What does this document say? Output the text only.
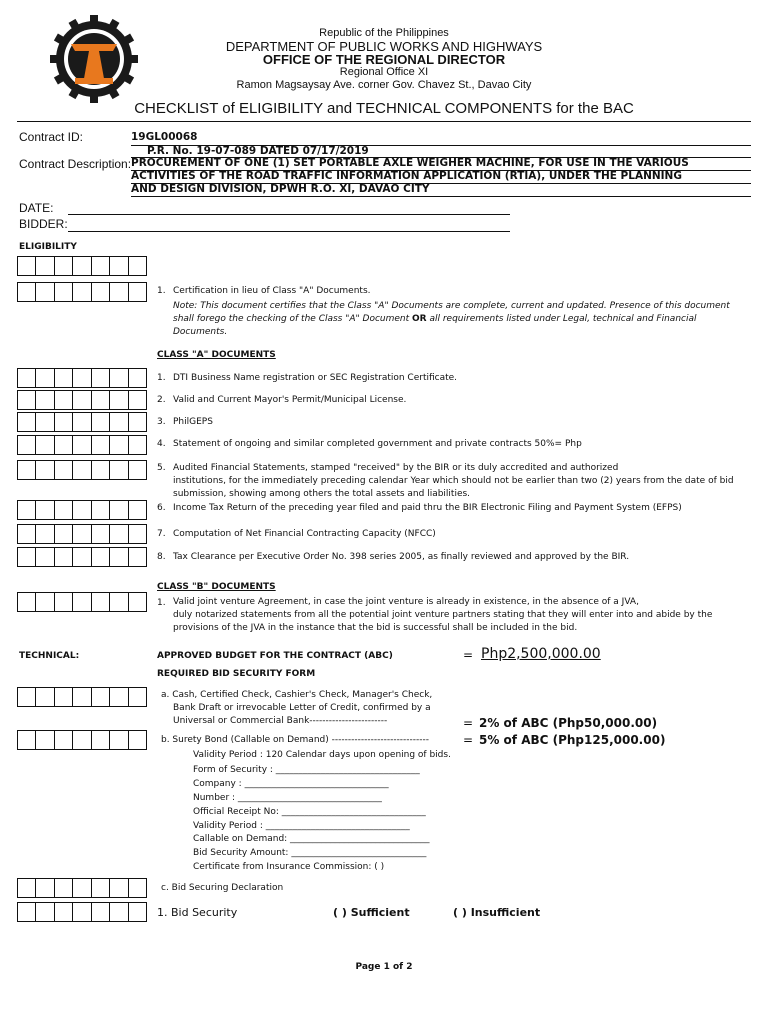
Republic of the Philippines
DEPARTMENT OF PUBLIC WORKS AND HIGHWAYS
OFFICE OF THE REGIONAL DIRECTOR
Regional Office XI
Ramon Magsaysay Ave. corner Gov. Chavez St., Davao City
CHECKLIST of ELIGIBILITY and TECHNICAL COMPONENTS for the BAC
Contract ID:	19GL00068
P.R. No. 19-07-089 DATED 07/17/2019
Contract Description: PROCUREMENT OF ONE (1) SET PORTABLE AXLE WEIGHER MACHINE, FOR USE IN THE VARIOUS
ACTIVITIES OF THE ROAD TRAFFIC INFORMATION APPLICATION (RTIA), UNDER THE PLANNING
AND DESIGN DIVISION, DPWH R.O. XI, DAVAO CITY
DATE:
BIDDER:
ELIGIBILITY
1. Certification in lieu of Class "A" Documents.
Note: This document certifies that the Class "A" Documents are complete, current and updated. Presence of this document shall forego the checking of the Class "A" Document OR all requirements listed under Legal, technical and Financial Documents.
CLASS "A" DOCUMENTS
1. DTI Business Name registration or SEC Registration Certificate.
2. Valid and Current Mayor's Permit/Municipal License.
3. PhilGEPS
4. Statement of ongoing and similar completed government and private contracts 50%= Php
5. Audited Financial Statements, stamped "received" by the BIR or its duly accredited and authorized
institutions, for the immediately preceding calendar Year which should not be earlier than two (2) years from the date of bid
submission, showing among others the total assets and liabilities.
6. Income Tax Return of the preceding year filed and paid thru the BIR Electronic Filing and Payment System (EFPS)
7. Computation of Net Financial Contracting Capacity (NFCC)
8. Tax Clearance per Executive Order No. 398 series 2005, as finally reviewed and approved by the BIR.
CLASS "B" DOCUMENTS
1. Valid joint venture Agreement, in case the joint venture is already in existence, in the absence of a JVA,
duly notarized statements from all the potential joint venture partners stating that they will enter into and abide by the
provisions of the JVA in the instance that the bid is successful shall be included in the bid.
TECHNICAL:	APPROVED BUDGET FOR THE CONTRACT (ABC)	= Php2,500,000.00
REQUIRED BID SECURITY FORM
a. Cash, Certified Check, Cashier's Check, Manager's Check,
Bank Draft or irrevocable Letter of Credit, confirmed by a
Universal or Commercial Bank------------------------	= 2% of ABC (Php50,000.00)
b. Surety Bond (Callable on Demand) ------------------------------	= 5% of ABC (Php125,000.00)
Validity Period : 120 Calendar days upon opening of bids.
Form of Security : ________________________________
Company : ________________________________
Number : ________________________________
Official Receipt No: ________________________________
Validity Period : ________________________________
Callable on Demand: _______________________________
Bid Security Amount: ______________________________
Certificate from Insurance Commission: ( )
c. Bid Securing Declaration
1. Bid Security	( ) Sufficient	( ) Insufficient
Page 1 of 2
